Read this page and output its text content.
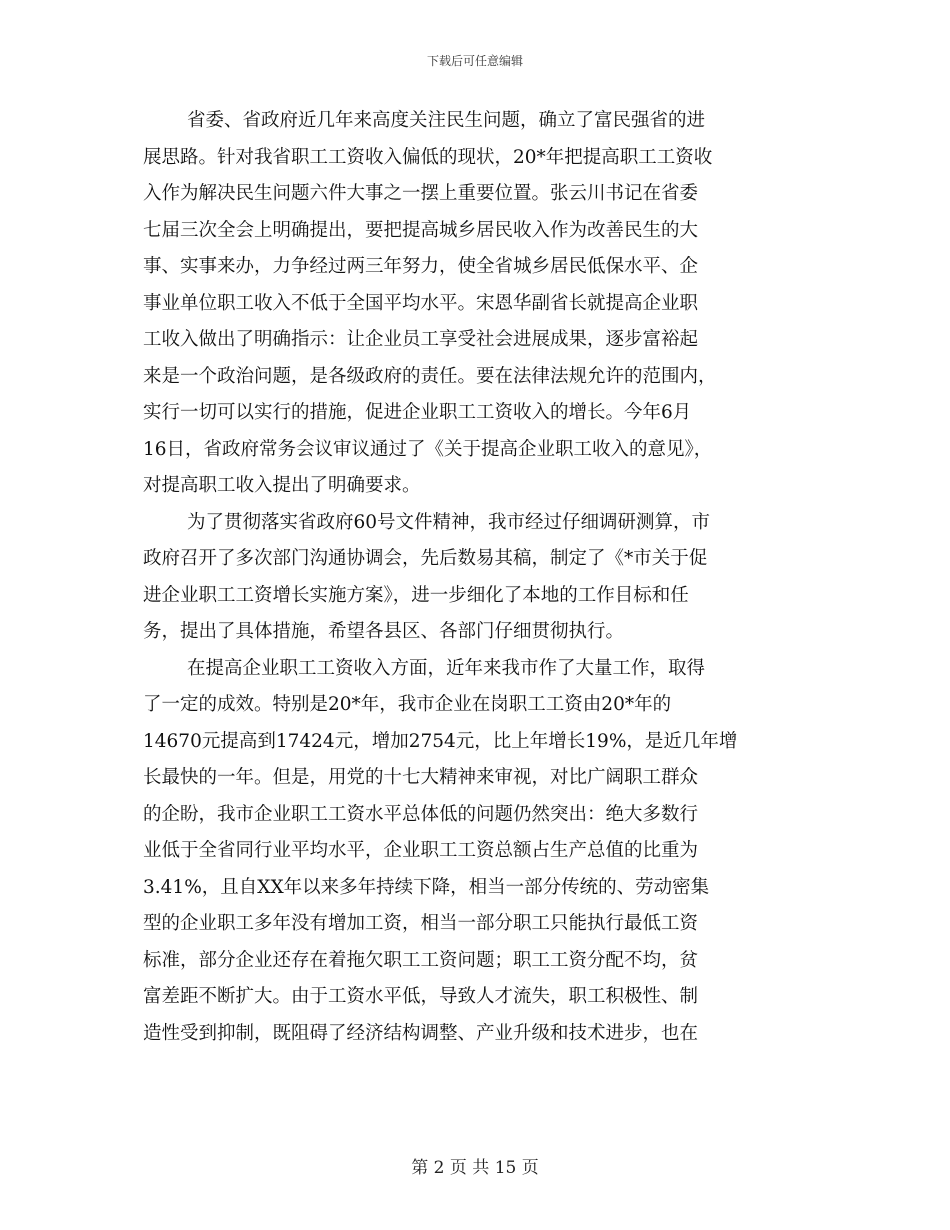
下载后可任意编辑
省委、省政府近几年来高度关注民生问题，确立了富民强省的进
展思路。针对我省职工工资收入偏低的现状，20*年把提高职工工资收
入作为解决民生问题六件大事之一摆上重要位置。张云川书记在省委
七届三次全会上明确提出，要把提高城乡居民收入作为改善民生的大
事、实事来办，力争经过两三年努力，使全省城乡居民低保水平、企
事业单位职工收入不低于全国平均水平。宋恩华副省长就提高企业职
工收入做出了明确指示：让企业员工享受社会进展成果，逐步富裕起
来是一个政治问题，是各级政府的责任。要在法律法规允许的范围内，
实行一切可以实行的措施，促进企业职工工资收入的增长。今年6月
16日，省政府常务会议审议通过了《关于提高企业职工收入的意见》，
对提高职工收入提出了明确要求。
为了贯彻落实省政府60号文件精神，我市经过仔细调研测算，市
政府召开了多次部门沟通协调会，先后数易其稿，制定了《*市关于促
进企业职工工资增长实施方案》，进一步细化了本地的工作目标和任
务，提出了具体措施，希望各县区、各部门仔细贯彻执行。
在提高企业职工工资收入方面，近年来我市作了大量工作，取得
了一定的成效。特别是20*年，我市企业在岗职工工资由20*年的
14670元提高到17424元，增加2754元，比上年增长19%，是近几年增
长最快的一年。但是，用党的十七大精神来审视，对比广阔职工群众
的企盼，我市企业职工工资水平总体低的问题仍然突出：绝大多数行
业低于全省同行业平均水平，企业职工工资总额占生产总值的比重为
3.41%，且自XX年以来多年持续下降，相当一部分传统的、劳动密集
型的企业职工多年没有增加工资，相当一部分职工只能执行最低工资
标准，部分企业还存在着拖欠职工工资问题；职工工资分配不均，贫
富差距不断扩大。由于工资水平低，导致人才流失，职工积极性、制
造性受到抑制，既阻碍了经济结构调整、产业升级和技术进步，也在
第 2 页 共 15 页
